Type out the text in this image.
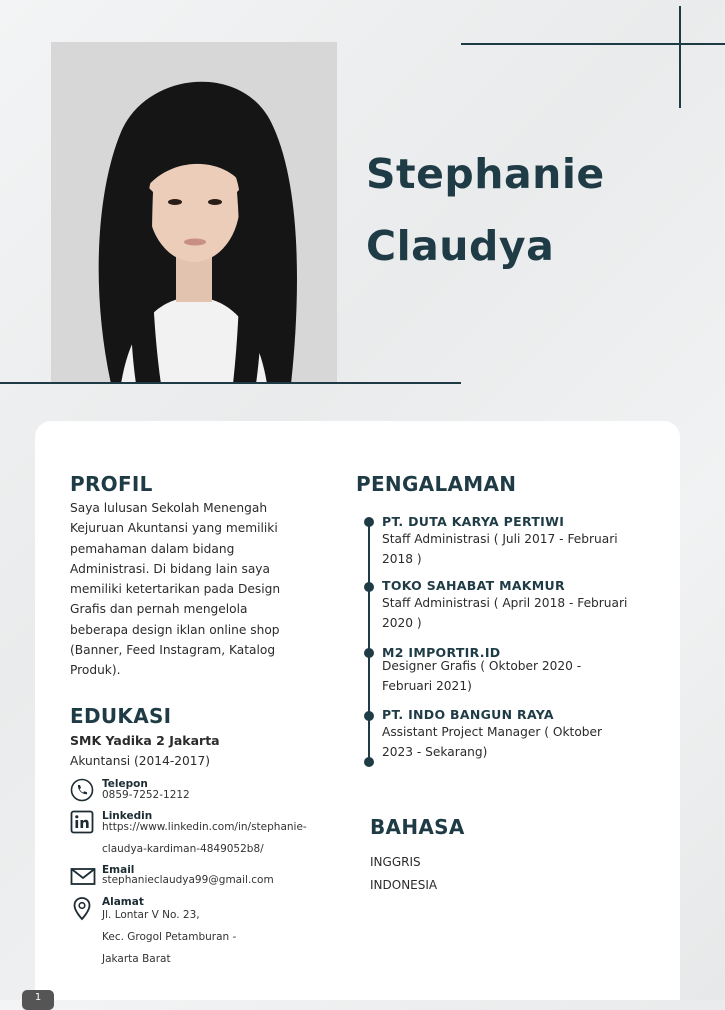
Stephanie
Claudya
PROFIL
Saya lulusan Sekolah Menengah
Kejuruan Akuntansi yang memiliki
pemahaman dalam bidang
Administrasi. Di bidang lain saya
memiliki ketertarikan pada Design
Grafis dan pernah mengelola
beberapa design iklan online shop
(Banner, Feed Instagram, Katalog
Produk).
EDUKASI
SMK Yadika 2 Jakarta
Akuntansi (2014-2017)
Telepon
0859-7252-1212
Linkedin
https://www.linkedin.com/in/stephanie-
claudya-kardiman-4849052b8/
Email
stephanieclaudya99@gmail.com
Alamat
Jl. Lontar V No. 23,
Kec. Grogol Petamburan -
Jakarta Barat
PENGALAMAN
PT. DUTA KARYA PERTIWI
Staff Administrasi ( Juli 2017 - Februari
2018 )
TOKO SAHABAT MAKMUR
Staff Administrasi ( April 2018 - Februari
2020 )
M2 IMPORTIR.ID
Designer Grafis ( Oktober 2020 -
Februari 2021)
PT. INDO BANGUN RAYA
Assistant Project Manager ( Oktober
2023 - Sekarang)
BAHASA
INGGRIS
INDONESIA
1
